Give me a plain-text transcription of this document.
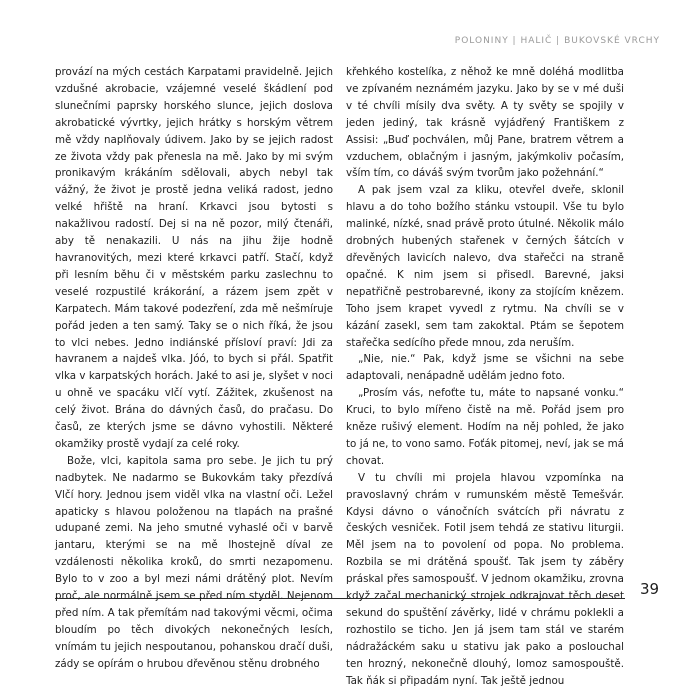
POLONINY | HALIČ | BUKOVSKÉ VRCHY

provází na mých cestách Karpatami pravidelně. Jejich vzdušné akrobacie, vzájemné veselé škádlení pod slunečními paprsky horského slunce, jejich doslova akrobatické vývrtky, jejich hrátky s horským větrem mě vždy naplňovaly údivem. Jako by se jejich radost ze života vždy pak přenesla na mě. Jako by mi svým pronikavým krákáním sdělovali, abych nebyl tak vážný, že život je prostě jedna veliká radost, jedno velké hřiště na hraní. Krkavci jsou bytosti s nakažlivou radostí. Dej si na ně pozor, milý čtenáři, aby tě nenakazili. U nás na jihu žije hodně havranovitých, mezi které krkavci patří. Stačí, když při lesním běhu či v městském parku zaslechnu to veselé rozpustilé krákorání, a rázem jsem zpět v Karpatech. Mám takové podezření, zda mě nešmíruje pořád jeden a ten samý. Taky se o nich říká, že jsou to vlci nebes. Jedno indiánské přísloví praví: Jdi za havranem a najdeš vlka. Jóó, to bych si přál. Spatřit vlka v karpatských horách. Jaké to asi je, slyšet v noci u ohně ve spacáku vlčí vytí. Zážitek, zkušenost na celý život. Brána do dávných časů, do pračasu. Do časů, ze kterých jsme se dávno vyhostili. Některé okamžiky prostě vydají za celé roky.

Bože, vlci, kapitola sama pro sebe. Je jich tu prý nadbytek. Ne nadarmo se Bukovkám taky přezdívá Vlčí hory. Jednou jsem viděl vlka na vlastní oči. Ležel apaticky s hlavou položenou na tlapách na prašné udupané zemi. Na jeho smutné vyhaslé oči v barvě jantaru, kterými se na mě lhostejně díval ze vzdálenosti několika kroků, do smrti nezapomenu. Bylo to v zoo a byl mezi námi drátěný plot. Nevím proč, ale normálně jsem se před ním styděl. Nejenom před ním. A tak přemítám nad takovými věcmi, očima bloudím po těch divokých nekonečných lesích, vnímám tu jejich nespoutanou, pohanskou dračí duši, zády se opírám o hrubou dřevěnou stěnu drobného

křehkého kostelíka, z něhož ke mně doléhá modlitba ve zpívaném neznámém jazyku. Jako by se v mé duši v té chvíli mísily dva světy. A ty světy se spojily v jeden jediný, tak krásně vyjádřený Františkem z Assisi: „Buď pochválen, můj Pane, bratrem větrem a vzduchem, oblačným i jasným, jakýmkoliv počasím, vším tím, co dáváš svým tvorům jako požehnání.“

A pak jsem vzal za kliku, otevřel dveře, sklonil hlavu a do toho božího stánku vstoupil. Vše tu bylo malinké, nízké, snad právě proto útulné. Několik málo drobných hubených stařenek v černých šátcích v dřevěných lavicích nalevo, dva stařečci na straně opačné. K nim jsem si přisedl. Barevné, jaksi nepatřičně pestrobarevné, ikony za stojícím knězem. Toho jsem krapet vyvedl z rytmu. Na chvíli se v kázání zasekl, sem tam zakoktal. Ptám se šepotem stařečka sedícího přede mnou, zda neruším.

„Nie, nie.“ Pak, když jsme se všichni na sebe adaptovali, nenápadně udělám jedno foto.

„Prosím vás, nefoťte tu, máte to napsané vonku.“ Kruci, to bylo mířeno čistě na mě. Pořád jsem pro kněze rušivý element. Hodím na něj pohled, že jako to já ne, to vono samo. Foťák pitomej, neví, jak se má chovat.

V tu chvíli mi projela hlavou vzpomínka na pravoslavný chrám v rumunském městě Temešvár. Kdysi dávno o vánočních svátcích při návratu z českých vesniček. Fotil jsem tehdá ze stativu liturgii. Měl jsem na to povolení od popa. No problema. Rozbila se mi drátěná spoušť. Tak jsem ty záběry práskal přes samospoušť. V jednom okamžiku, zrovna když začal mechanický strojek odkrajovat těch deset sekund do spuštění závěrky, lidé v chrámu poklekli a rozhostilo se ticho. Jen já jsem tam stál ve starém nádražáckém saku u stativu jak pako a poslouchal ten hrozný, nekonečně dlouhý, lomoz samospouště. Tak ňák si připadám nyní. Tak ještě jednou

39
